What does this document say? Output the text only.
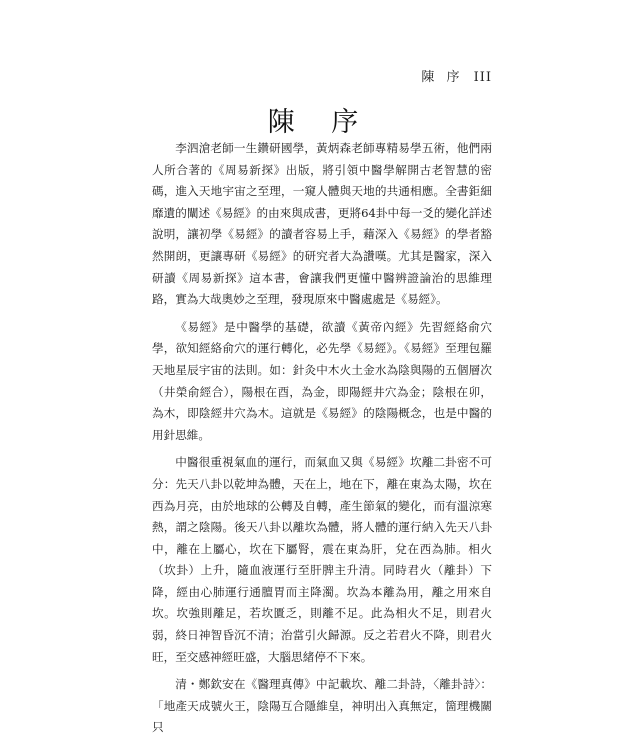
陳 序 III
陳 序

李泗滄老師一生鑽研國學，黃炳森老師專精易學五術，他們兩人所合著的《周易新探》出版，將引領中醫學解開古老智慧的密碼，進入天地宇宙之至理，一窺人體與天地的共通相應。全書鉅細靡遺的闡述《易經》的由來與成書，更將64卦中每一爻的變化詳述說明，讓初學《易經》的讀者容易上手，藉深入《易經》的學者豁然開朗，更讓專研《易經》的研究者大為讚嘆。尤其是醫家，深入研讀《周易新探》這本書，會讓我們更懂中醫辨證論治的思維理路，實為大哉奧妙之至理，發現原來中醫處處是《易經》。

《易經》是中醫學的基礎，欲讀《黃帝內經》先習經絡俞穴學，欲知經絡俞穴的運行轉化，必先學《易經》。《易經》至理包羅天地星辰宇宙的法則。如：針灸中木火土金水為陰與陽的五個層次（井榮俞經合），陽根在酉，為金，即陽經井穴為金；陰根在卯，為木，即陰經井穴為木。這就是《易經》的陰陽概念，也是中醫的用針思維。

中醫很重視氣血的運行，而氣血又與《易經》坎離二卦密不可分：先天八卦以乾坤為體，天在上，地在下，離在東為太陽，坎在西為月亮，由於地球的公轉及自轉，產生節氣的變化，而有溫涼寒熱，謂之陰陽。後天八卦以離坎為體，將人體的運行納入先天八卦中，離在上屬心，坎在下屬腎，震在東為肝，兌在西為肺。相火（坎卦）上升，隨血液運行至肝脾主升清。同時君火（離卦）下降，經由心肺運行通膻胃而主降濁。坎為本離為用，離之用來自坎。坎強則離足，若坎匱乏，則離不足。此為相火不足，則君火弱，終日神智昏沉不清；治當引火歸源。反之若君火不降，則君火旺，至交感神經旺盛，大腦思緒停不下來。

清・鄭欽安在《醫理真傳》中記載坎、離二卦詩，〈離卦詩〉：「地產天成號火王，陰陽互合隱維皇，神明出入真無定，箇理機關只
